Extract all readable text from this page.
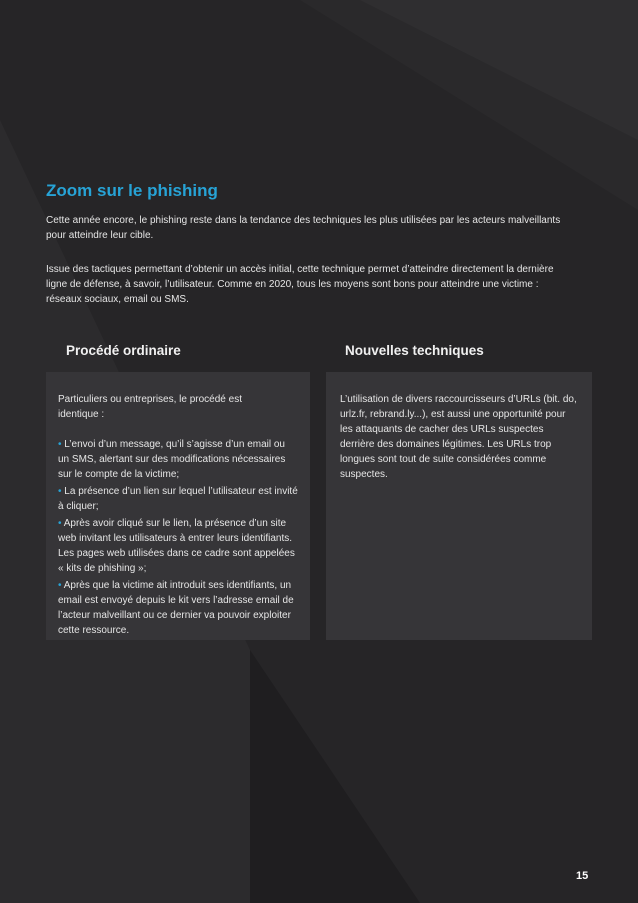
Zoom sur le phishing

Cette année encore, le phishing reste dans la tendance des techniques les plus utilisées par les acteurs malveillants pour atteindre leur cible.

Issue des tactiques permettant d’obtenir un accès initial, cette technique permet d’atteindre directement la dernière ligne de défense, à savoir, l’utilisateur. Comme en 2020, tous les moyens sont bons pour atteindre une victime : réseaux sociaux, email ou SMS.

Procédé ordinaire	Nouvelles techniques

Particuliers ou entreprises, le procédé est identique :

• L’envoi d’un message, qu’il s’agisse d’un email ou un SMS, alertant sur des modifications nécessaires sur le compte de la victime;
• La présence d’un lien sur lequel l’utilisateur est invité à cliquer;
• Après avoir cliqué sur le lien, la présence d’un site web invitant les utilisateurs à entrer leurs identifiants. Les pages web utilisées dans ce cadre sont appelées « kits de phishing »;
• Après que la victime ait introduit ses identifiants, un email est envoyé depuis le kit vers l’adresse email de l’acteur malveillant ou ce dernier va pouvoir exploiter cette ressource.

L’utilisation de divers raccourcisseurs d’URLs (bit. do, urlz.fr, rebrand.ly...), est aussi une opportunité pour les attaquants de cacher des URLs suspectes derrière des domaines légitimes. Les URLs trop longues sont tout de suite considérées comme suspectes.

15
